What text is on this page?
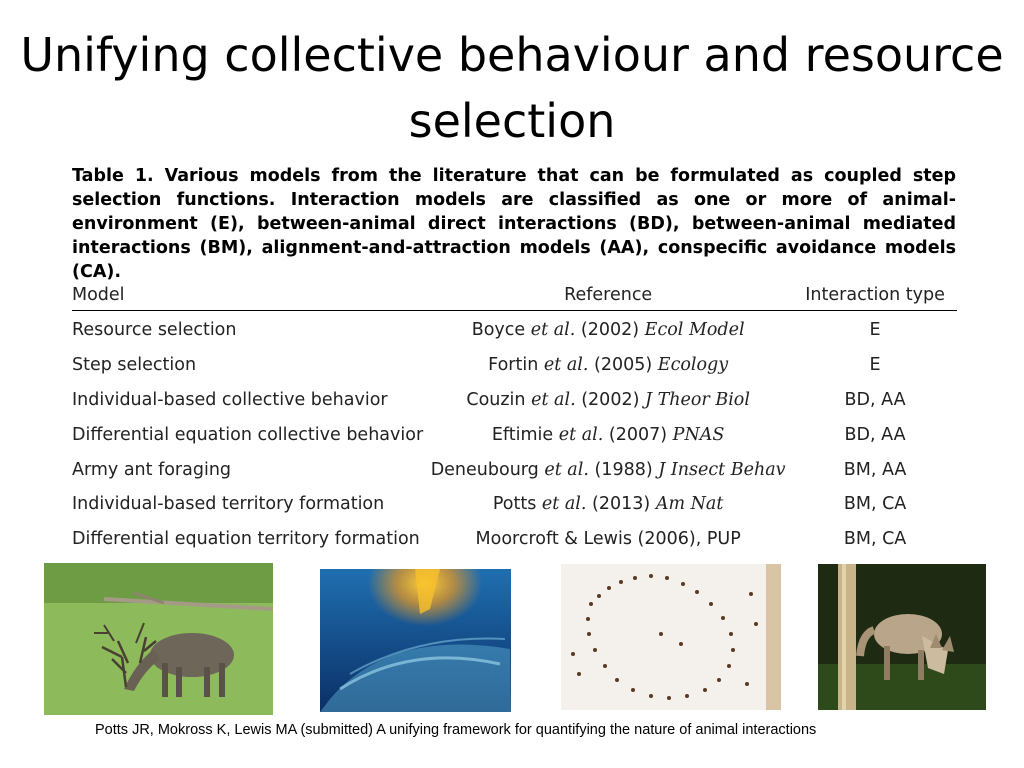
Unifying collective behaviour and resource selection
Table 1. Various models from the literature that can be formulated as coupled step selection functions. Interaction models are classified as one or more of animal-environment (E), between-animal direct interactions (BD), between-animal mediated interactions (BM), alignment-and-attraction models (AA), conspecific avoidance models (CA).
Model	Reference	Interaction type
Resource selection	Boyce et al. (2002) Ecol Model	E
Step selection	Fortin et al. (2005) Ecology	E
Individual-based collective behavior	Couzin et al. (2002) J Theor Biol	BD, AA
Differential equation collective behavior	Eftimie et al. (2007) PNAS	BD, AA
Army ant foraging	Deneubourg et al. (1988) J Insect Behav	BM, AA
Individual-based territory formation	Potts et al. (2013) Am Nat	BM, CA
Differential equation territory formation	Moorcroft & Lewis (2006), PUP	BM, CA
Potts JR, Mokross K, Lewis MA (submitted) A unifying framework for quantifying the nature of animal interactions
